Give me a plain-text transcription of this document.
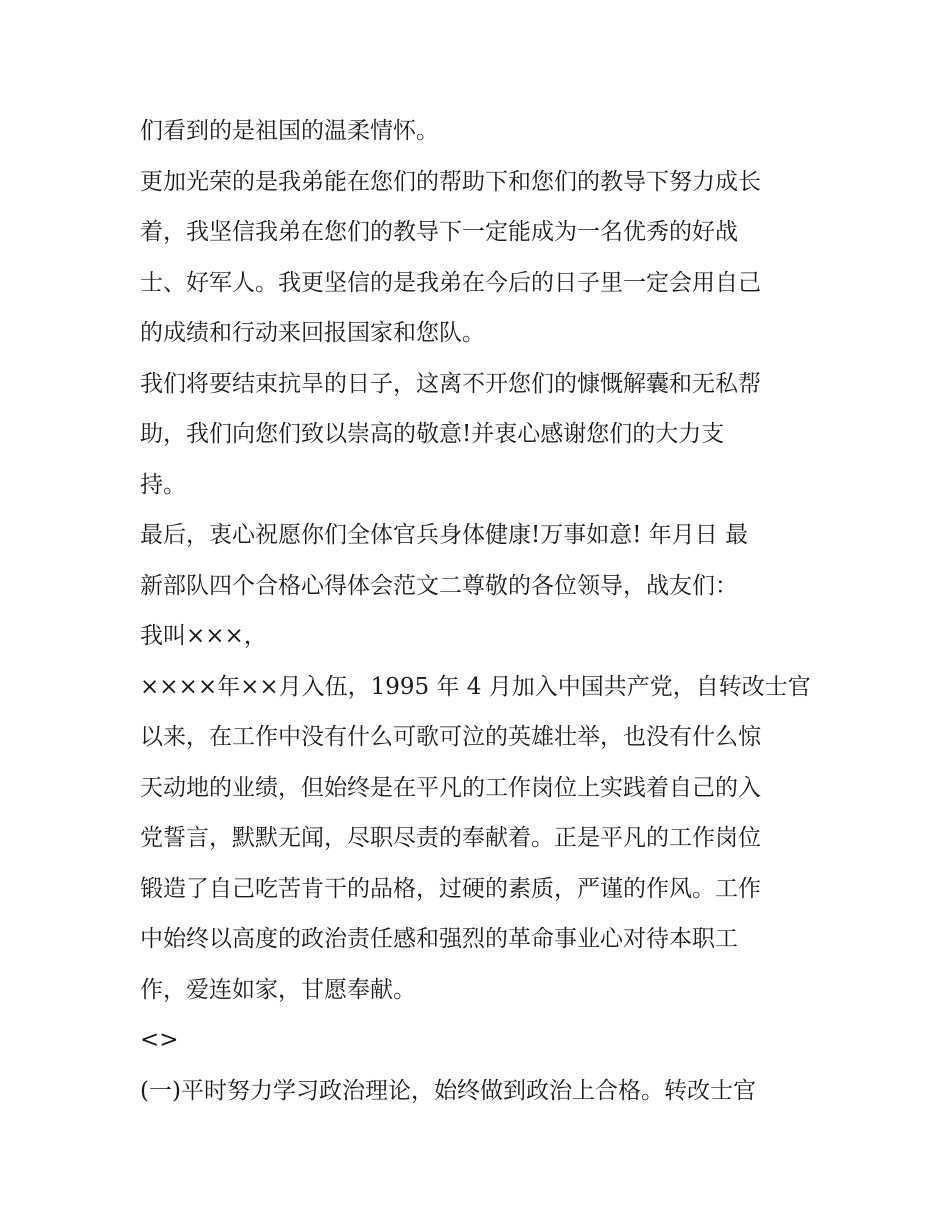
们看到的是祖国的温柔情怀。
更加光荣的是我弟能在您们的帮助下和您们的教导下努力成长
着，我坚信我弟在您们的教导下一定能成为一名优秀的好战
士、好军人。我更坚信的是我弟在今后的日子里一定会用自己
的成绩和行动来回报国家和您队。
我们将要结束抗旱的日子，这离不开您们的慷慨解囊和无私帮
助，我们向您们致以崇高的敬意!并衷心感谢您们的大力支
持。
最后，衷心祝愿你们全体官兵身体健康!万事如意! 年月日 最
新部队四个合格心得体会范文二尊敬的各位领导，战友们：
我叫×××，
××××年××月入伍，1995 年 4 月加入中国共产党，自转改士官
以来，在工作中没有什么可歌可泣的英雄壮举，也没有什么惊
天动地的业绩，但始终是在平凡的工作岗位上实践着自己的入
党誓言，默默无闻，尽职尽责的奉献着。正是平凡的工作岗位
锻造了自己吃苦肯干的品格，过硬的素质，严谨的作风。工作
中始终以高度的政治责任感和强烈的革命事业心对待本职工
作，爱连如家，甘愿奉献。
<>
(一)平时努力学习政治理论，始终做到政治上合格。转改士官
